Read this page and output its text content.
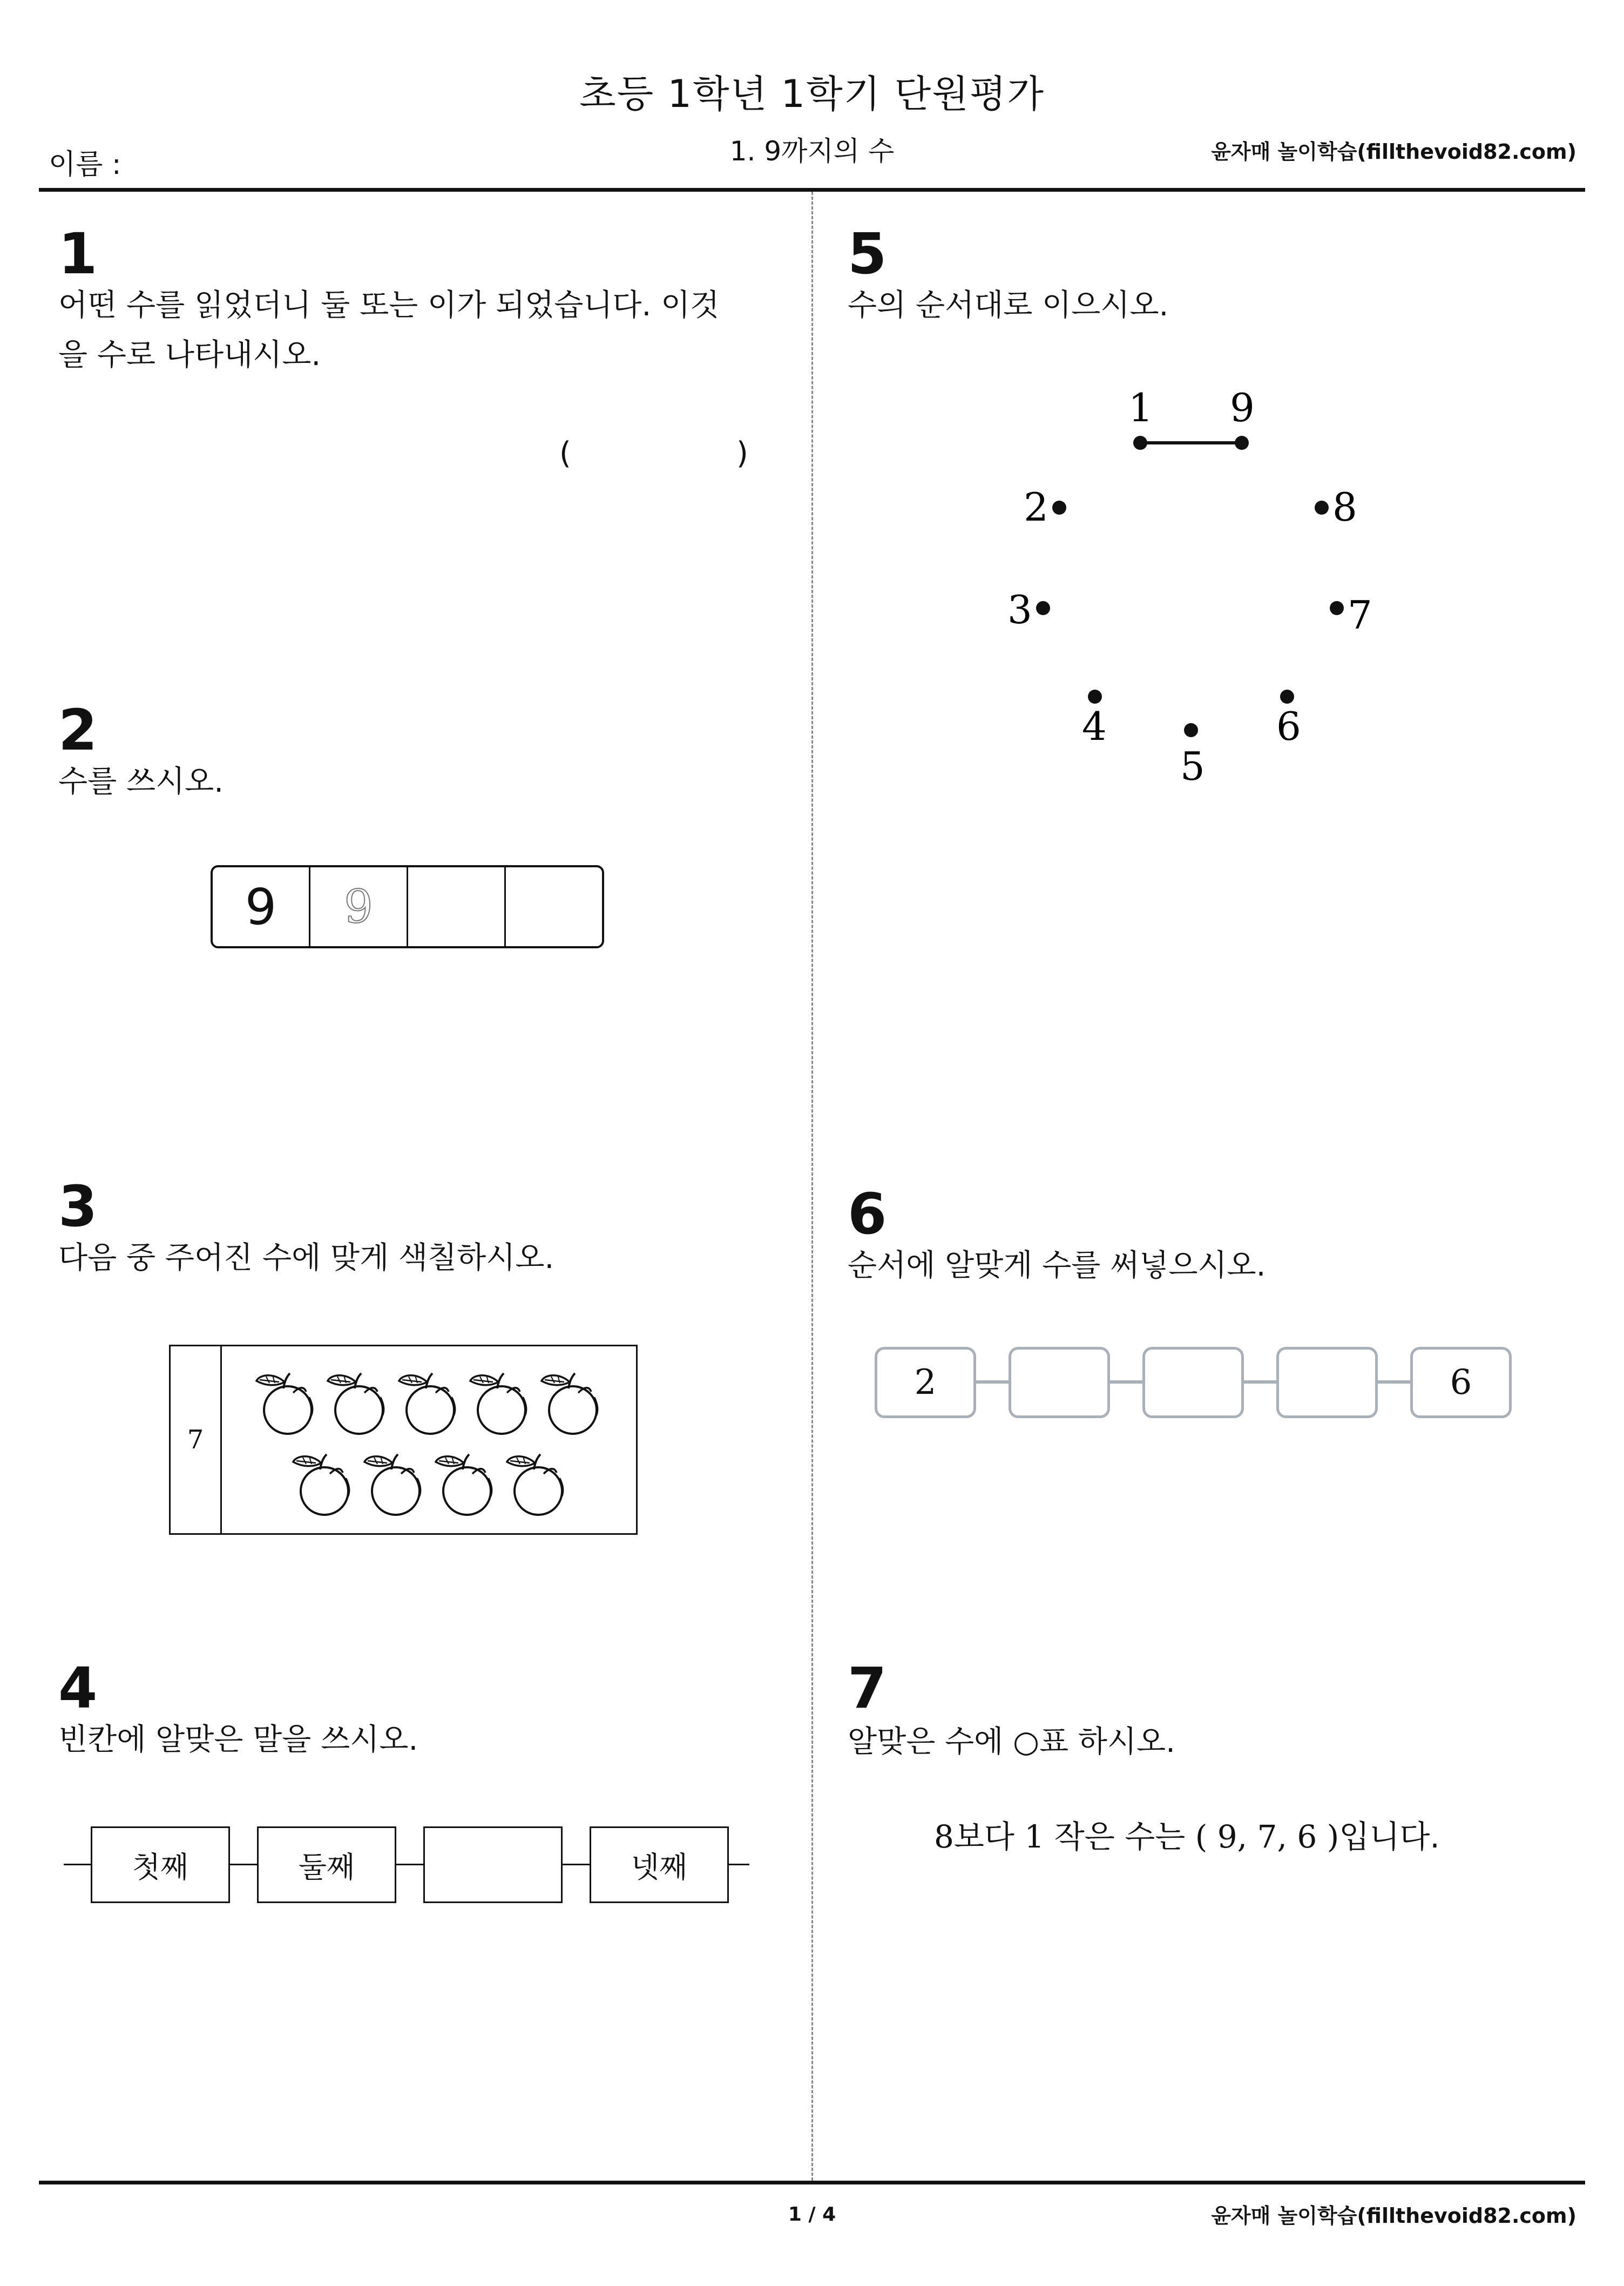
초등 1학년 1학기 단원평가
1. 9까지의 수
이름 :	윤자매 놀이학습(fillthevoid82.com)
1
어떤 수를 읽었더니 둘 또는 이가 되었습니다. 이것
을 수로 나타내시오.
(	)
2
수를 쓰시오.
9	9
3
다음 중 주어진 수에 맞게 색칠하시오.
7
4
빈칸에 알맞은 말을 쓰시오.
첫째	둘째	넷째
5
수의 순서대로 이으시오.
1 9
2	8
3	7
4	6
5
6
순서에 알맞게 수를 써넣으시오.
2	6
7
알맞은 수에 ○표 하시오.
8보다 1 작은 수는 ( 9, 7, 6 )입니다.
1 / 4	윤자매 놀이학습(fillthevoid82.com)
